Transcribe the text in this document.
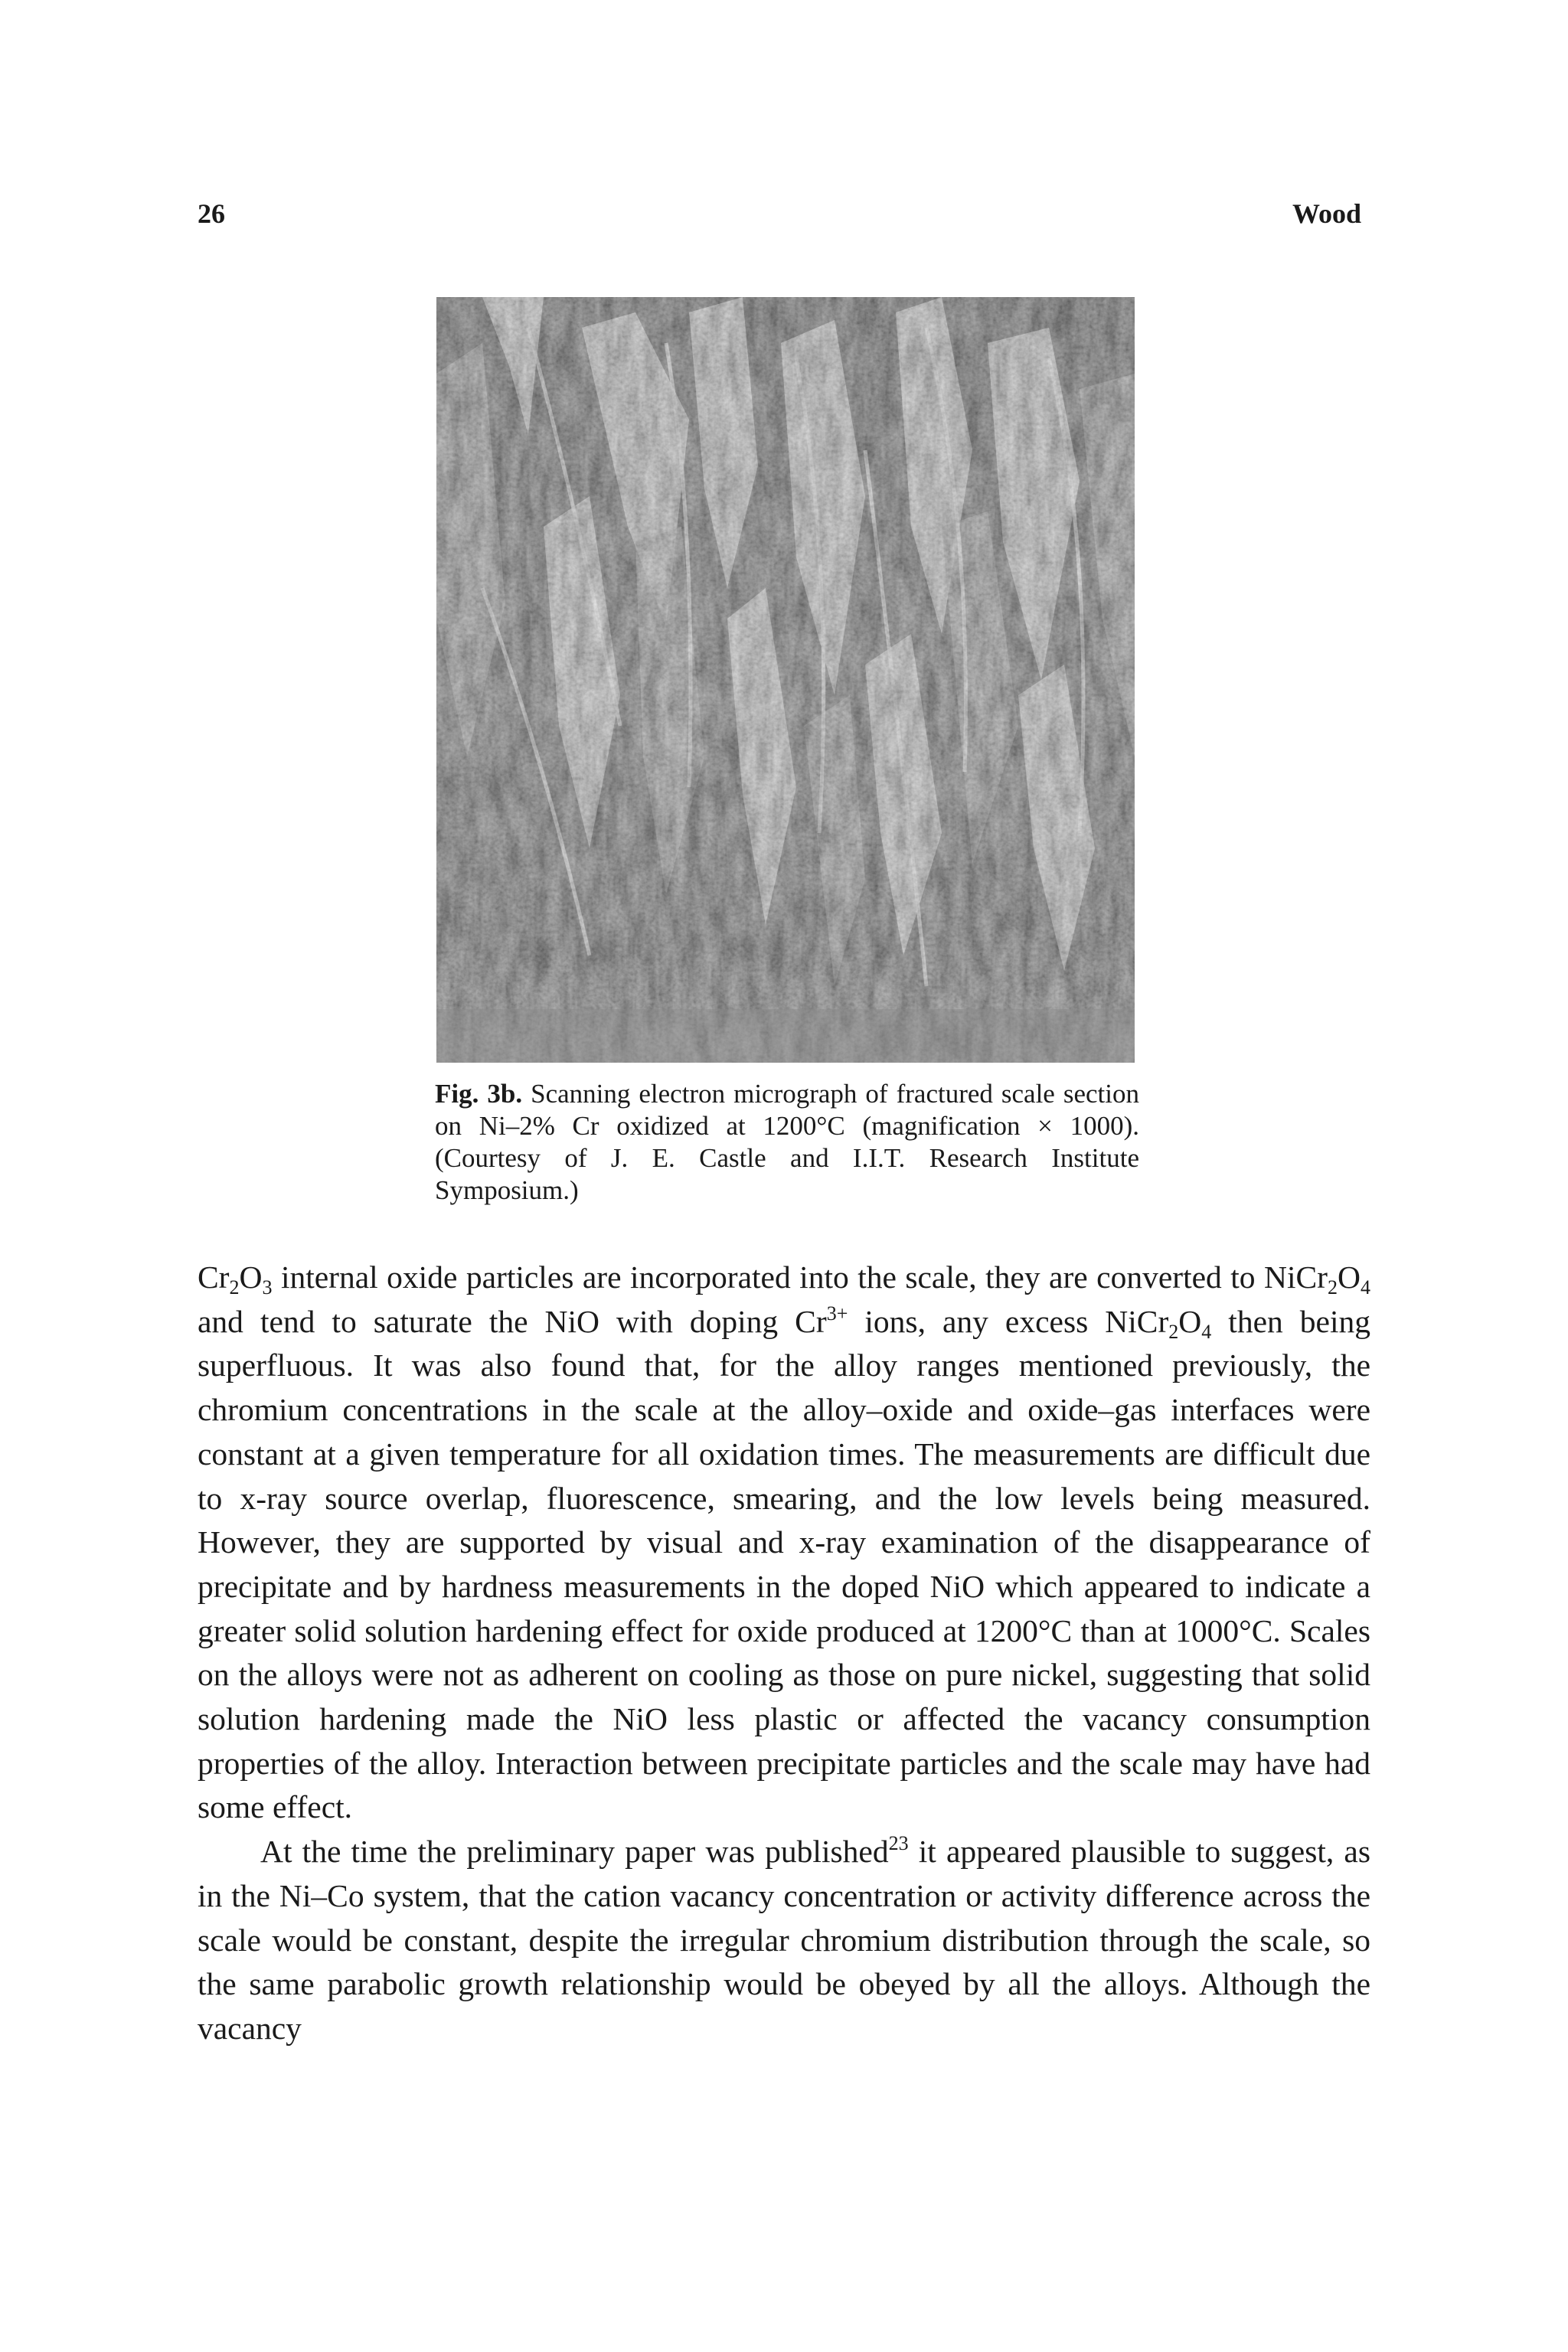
26	Wood
Fig. 3b. Scanning electron micrograph of fractured scale section on Ni–2% Cr oxidized at 1200°C (magnification × 1000). (Courtesy of J. E. Castle and I.I.T. Research Institute Symposium.)

$Cr_2O_3$ internal oxide particles are incorporated into the scale, they are converted to $NiCr_2O_4$ and tend to saturate the NiO with doping $Cr^{3+}$ ions, any excess $NiCr_2O_4$ then being superfluous. It was also found that, for the alloy ranges mentioned previously, the chromium concentrations in the scale at the alloy–oxide and oxide–gas interfaces were constant at a given temperature for all oxidation times. The measurements are difficult due to x-ray source overlap, fluorescence, smearing, and the low levels being measured. However, they are supported by visual and x-ray examination of the disappearance of precipitate and by hardness measurements in the doped NiO which appeared to indicate a greater solid solution hardening effect for oxide produced at 1200°C than at 1000°C. Scales on the alloys were not as adherent on cooling as those on pure nickel, suggesting that solid solution hardening made the NiO less plastic or affected the vacancy consumption properties of the alloy. Interaction between precipitate particles and the scale may have had some effect.

At the time the preliminary paper was published$^{23}$ it appeared plausible to suggest, as in the Ni–Co system, that the cation vacancy concentration or activity difference across the scale would be constant, despite the irregular chromium distribution through the scale, so the same parabolic growth relationship would be obeyed by all the alloys. Although the vacancy
